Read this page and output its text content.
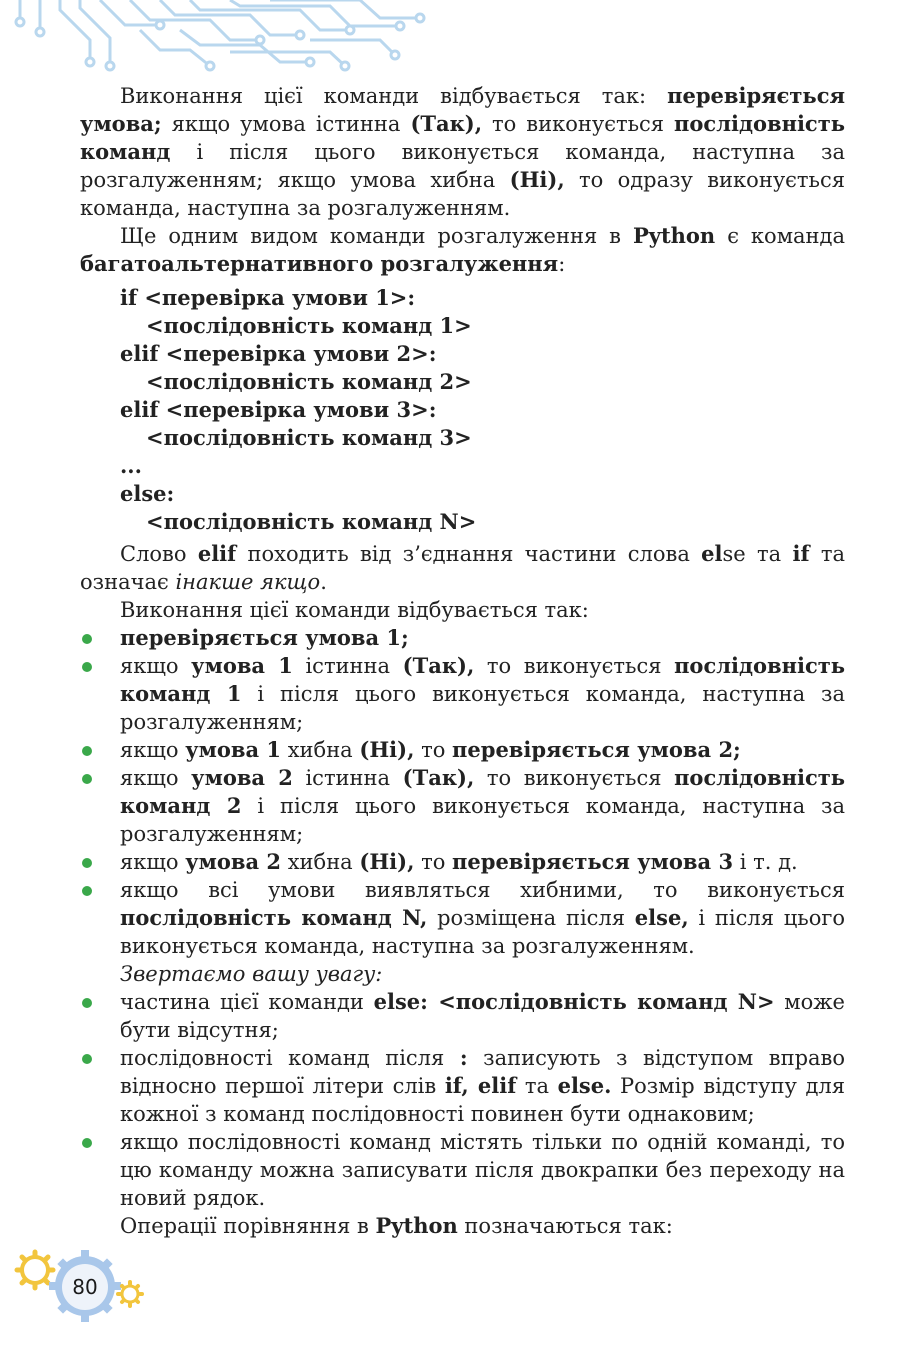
Виконання цієї команди відбувається так: перевіряється умова; якщо умова істинна (Так), то виконується послідовність команд і після цього виконується команда, наступна за розгалуженням; якщо умова хибна (Ні), то одразу виконується команда, наступна за розгалуженням.

Ще одним видом команди розгалуження в Python є команда багатоальтернативного розгалуження:

if <перевірка умови 1>:
<послідовність команд 1>
elif <перевірка умови 2>:
<послідовність команд 2>
elif <перевірка умови 3>:
<послідовність команд 3>
...
else:
<послідовність команд N>

Слово elif походить від з’єднання частини слова else та if та означає інакше якщо.

Виконання цієї команди відбувається так:

перевіряється умова 1;
якщо умова 1 істинна (Так), то виконується послідовність команд 1 і після цього виконується команда, наступна за розгалуженням;
якщо умова 1 хибна (Ні), то перевіряється умова 2;
якщо умова 2 істинна (Так), то виконується послідовність команд 2 і після цього виконується команда, наступна за розгалуженням;
якщо умова 2 хибна (Ні), то перевіряється умова 3 і т. д.
якщо всі умови виявляться хибними, то виконується послідовність команд N, розміщена після else, і після цього виконується команда, наступна за розгалуженням.

Звертаємо вашу увагу:

частина цієї команди else: <послідовність команд N> може бути відсутня;
послідовності команд після : записують з відступом вправо відносно першої літери слів if, elif та else. Розмір відступу для кожної з команд послідовності повинен бути однаковим;
якщо послідовності команд містять тільки по одній команді, то цю команду можна записувати після двокрапки без переходу на новий рядок.

Операції порівняння в Python позначаються так:

80
